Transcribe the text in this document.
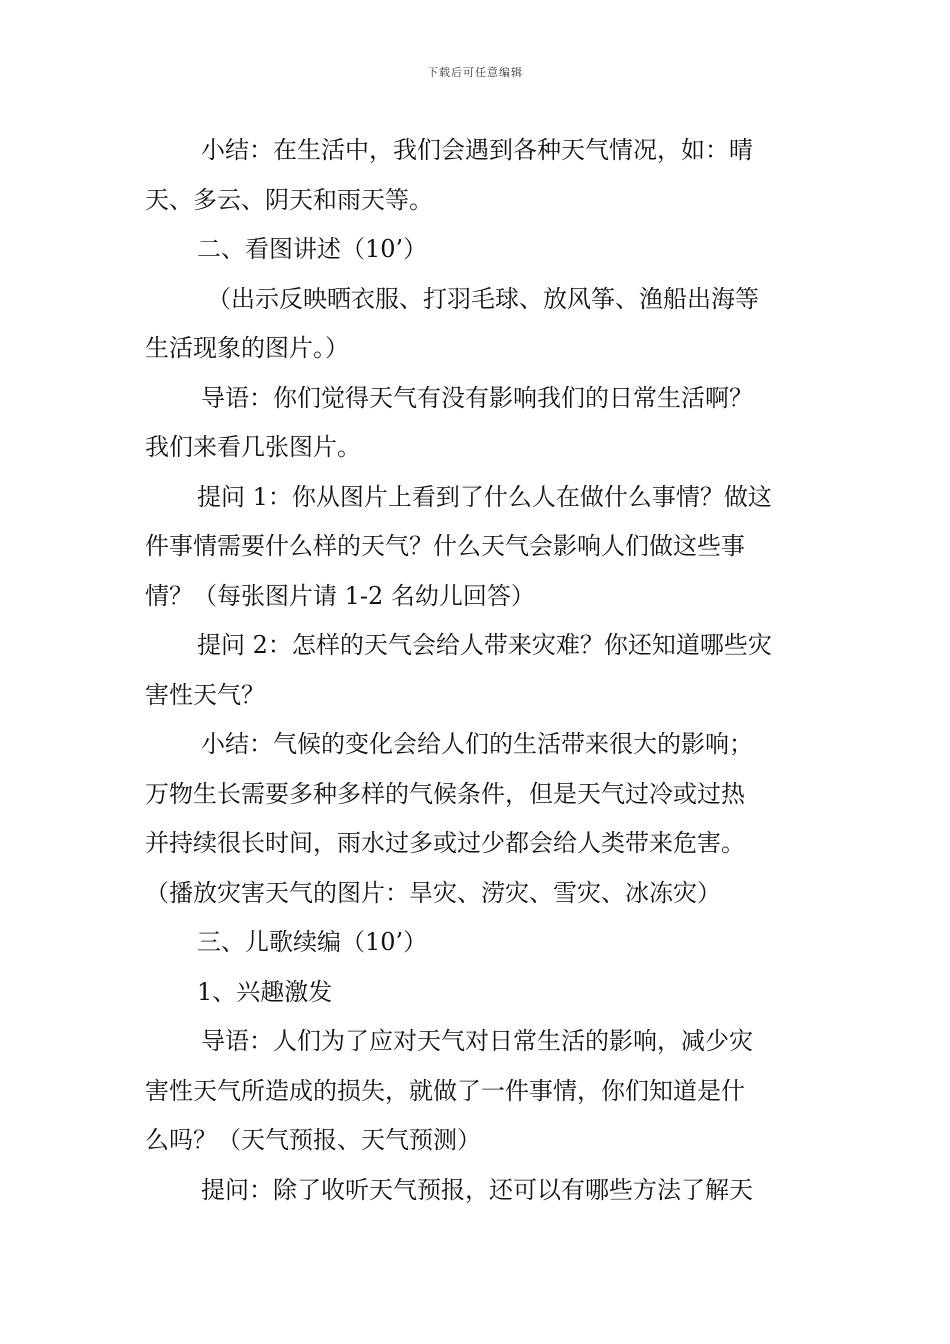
下载后可任意编辑
小结：在生活中，我们会遇到各种天气情况，如：晴
天、多云、阴天和雨天等。
二、看图讲述（10’）
（出示反映晒衣服、打羽毛球、放风筝、渔船出海等
生活现象的图片。）
导语：你们觉得天气有没有影响我们的日常生活啊？
我们来看几张图片。
提问 1：你从图片上看到了什么人在做什么事情？做这
件事情需要什么样的天气？什么天气会影响人们做这些事
情？（每张图片请 1-2 名幼儿回答）
提问 2：怎样的天气会给人带来灾难？你还知道哪些灾
害性天气？
小结：气候的变化会给人们的生活带来很大的影响；
万物生长需要多种多样的气候条件，但是天气过冷或过热
并持续很长时间，雨水过多或过少都会给人类带来危害。
（播放灾害天气的图片：旱灾、涝灾、雪灾、冰冻灾）
三、儿歌续编（10’）
1、兴趣激发
导语：人们为了应对天气对日常生活的影响，减少灾
害性天气所造成的损失，就做了一件事情，你们知道是什
么吗？（天气预报、天气预测）
提问：除了收听天气预报，还可以有哪些方法了解天
